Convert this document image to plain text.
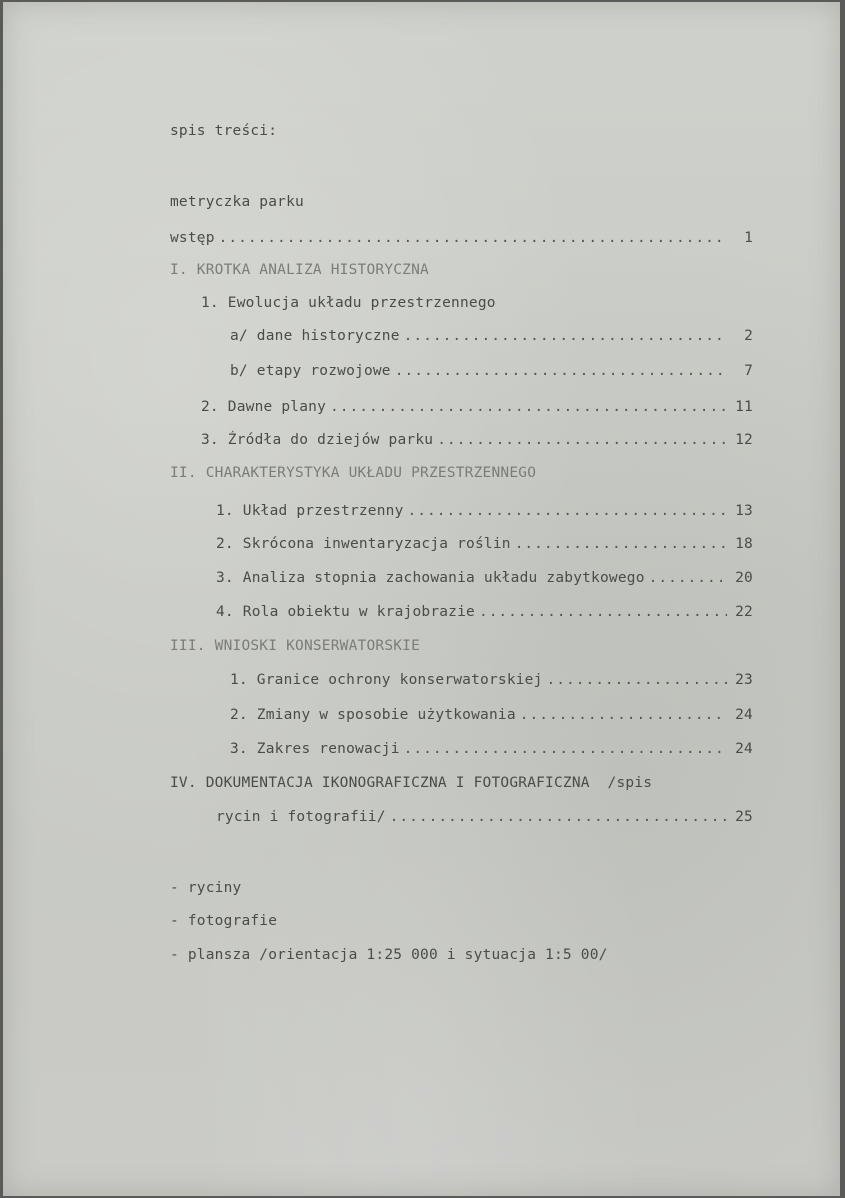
spis treści:
metryczka parku
wstęp .....	1
I. KROTKA ANALIZA HISTORYCZNA
1. Ewolucja układu przestrzennego
a/ dane historyczne .....	2
b/ etapy rozwojowe .....	7
2. Dawne plany .....	11
3. Źródła do dziejów parku .....	12
II. CHARAKTERYSTYKA UKŁADU PRZESTRZENNEGO
1. Układ przestrzenny .....	13
2. Skrócona inwentaryzacja roślin .....	18
3. Analiza stopnia zachowania układu zabytkowego .....	20
4. Rola obiektu w krajobrazie .....	22
III. WNIOSKI KONSERWATORSKIE
1. Granice ochrony konserwatorskiej .....	23
2. Zmiany w sposobie użytkowania .....	24
3. Zakres renowacji .....	24
IV. DOKUMENTACJA IKONOGRAFICZNA I FOTOGRAFICZNA  /spis
rycin i fotografii/ .....	25
- ryciny
- fotografie
- plansza /orientacja 1:25 000 i sytuacja 1:5 00/
